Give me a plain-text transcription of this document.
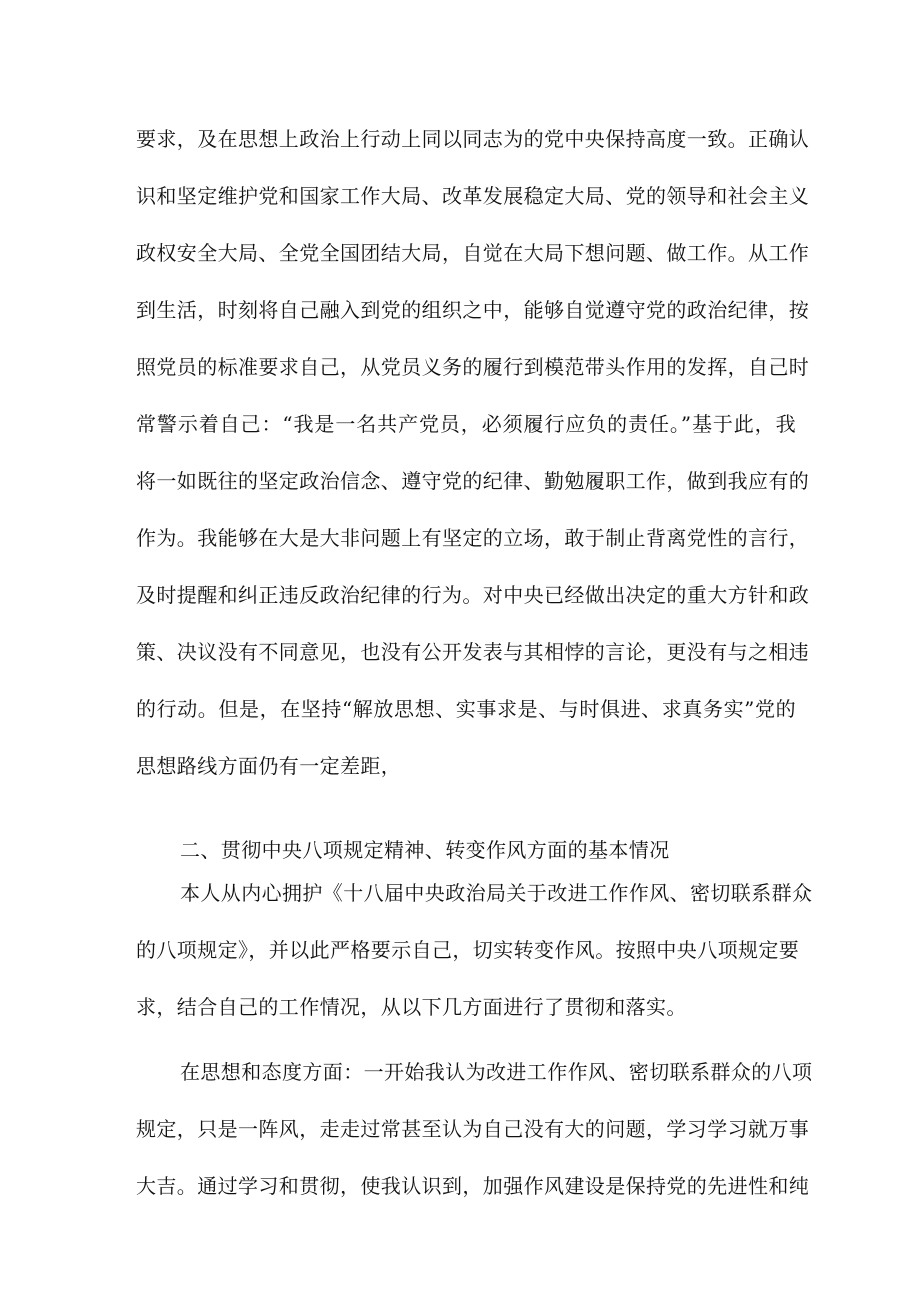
要求，及在思想上政治上行动上同以同志为的党中央保持高度一致。正确认

识和坚定维护党和国家工作大局、改革发展稳定大局、党的领导和社会主义

政权安全大局、全党全国团结大局，自觉在大局下想问题、做工作。从工作

到生活，时刻将自己融入到党的组织之中，能够自觉遵守党的政治纪律，按

照党员的标准要求自己，从党员义务的履行到模范带头作用的发挥，自己时

常警示着自己：“我是一名共产党员，必须履行应负的责任。”基于此，我

将一如既往的坚定政治信念、遵守党的纪律、勤勉履职工作，做到我应有的

作为。我能够在大是大非问题上有坚定的立场，敢于制止背离党性的言行，

及时提醒和纠正违反政治纪律的行为。对中央已经做出决定的重大方针和政

策、决议没有不同意见，也没有公开发表与其相悖的言论，更没有与之相违

的行动。但是，在坚持“解放思想、实事求是、与时俱进、求真务实”党的

思想路线方面仍有一定差距，

二、贯彻中央八项规定精神、转变作风方面的基本情况

本人从内心拥护《十八届中央政治局关于改进工作作风、密切联系群众

的八项规定》，并以此严格要示自己，切实转变作风。按照中央八项规定要

求，结合自己的工作情况，从以下几方面进行了贯彻和落实。

在思想和态度方面：一开始我认为改进工作作风、密切联系群众的八项

规定，只是一阵风，走走过常甚至认为自己没有大的问题，学习学习就万事

大吉。通过学习和贯彻，使我认识到，加强作风建设是保持党的先进性和纯
